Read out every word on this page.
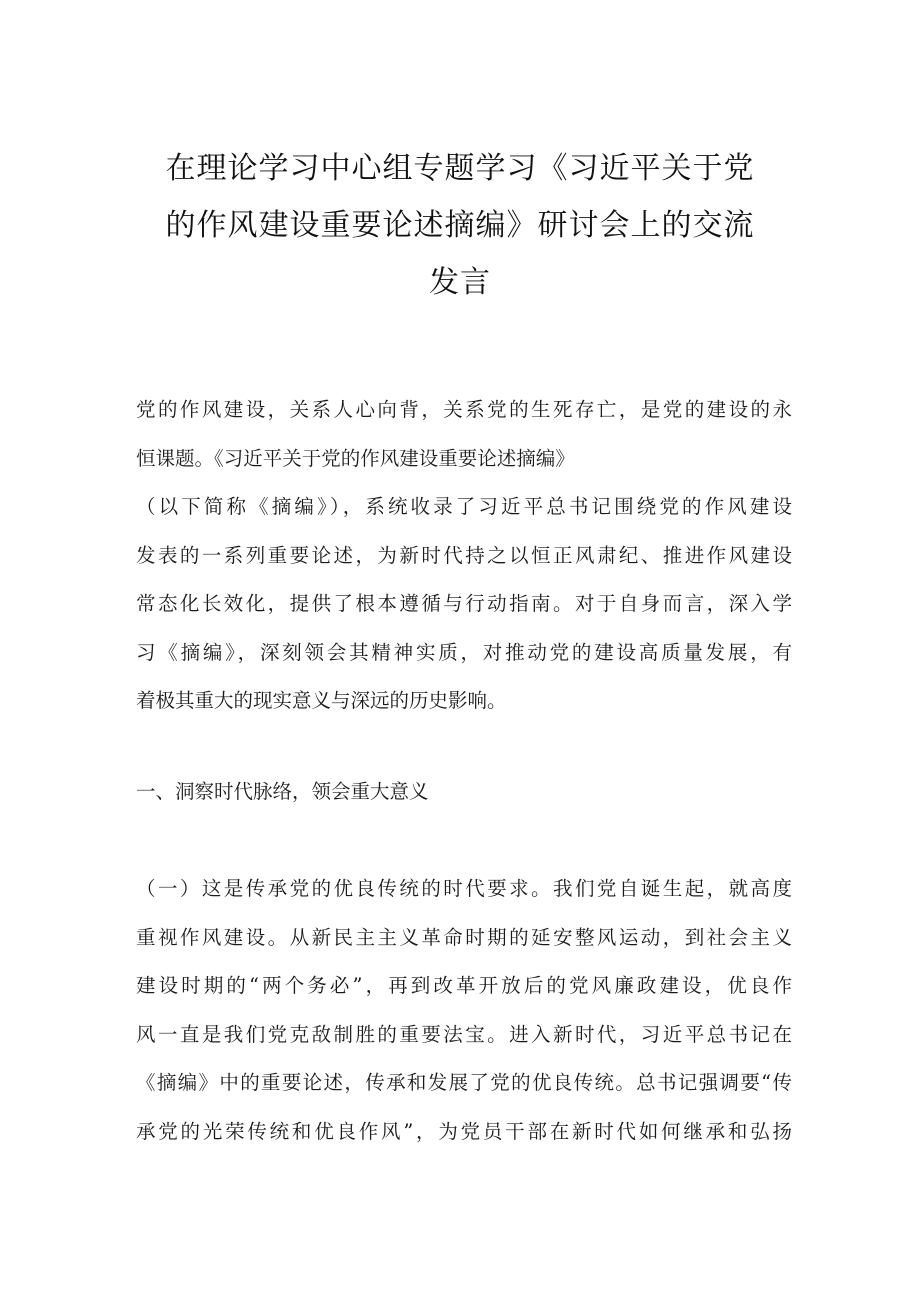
在理论学习中心组专题学习《习近平关于党
的作风建设重要论述摘编》研讨会上的交流
发言

党的作风建设，关系人心向背，关系党的生死存亡，是党的建设的永
恒课题。《习近平关于党的作风建设重要论述摘编》
（以下简称《摘编》），系统收录了习近平总书记围绕党的作风建设
发表的一系列重要论述，为新时代持之以恒正风肃纪、推进作风建设
常态化长效化，提供了根本遵循与行动指南。对于自身而言，深入学
习《摘编》，深刻领会其精神实质，对推动党的建设高质量发展，有
着极其重大的现实意义与深远的历史影响。

一、洞察时代脉络，领会重大意义

（一）这是传承党的优良传统的时代要求。我们党自诞生起，就高度
重视作风建设。从新民主主义革命时期的延安整风运动，到社会主义
建设时期的“两个务必”，再到改革开放后的党风廉政建设，优良作
风一直是我们党克敌制胜的重要法宝。进入新时代，习近平总书记在
《摘编》中的重要论述，传承和发展了党的优良传统。总书记强调要“传
承党的光荣传统和优良作风”，为党员干部在新时代如何继承和弘扬
